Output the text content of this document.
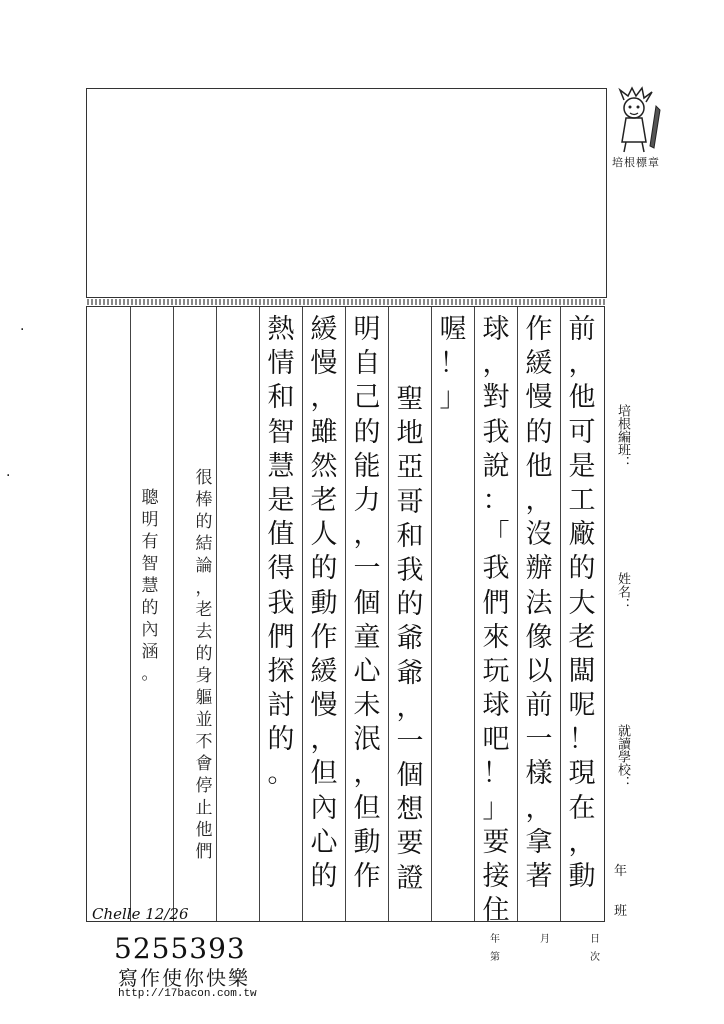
培根標章
·
·
前
，
他
可
是
工
廠
的
大
老
闆
呢
！
現
在
，
動
作
緩
慢
的
他
，
沒
辦
法
像
以
前
一
樣
，
拿
著
球
，
對
我
說
：
「
我
們
來
玩
球
吧
！
」
要
接
住
喔
！
」
聖
地
亞
哥
和
我
的
爺
爺
，
一
個
想
要
證
明
自
己
的
能
力
，
一
個
童
心
未
泯
，
但
動
作
緩
慢
，
雖
然
老
人
的
動
作
緩
慢
，
但
內
心
的
熱
情
和
智
慧
是
值
得
我
們
探
討
的
。
很
棒
的
結
論
，
老
去
的
身
軀
並
不
會
停
止
他
們
聰
明
有
智
慧
的
內
涵
。
培根編班：
姓名：
就讀學校：
年
班
年	月	日
第	次
Chelle 12/26
5255393
寫作使你快樂
http://17bacon.com.tw
